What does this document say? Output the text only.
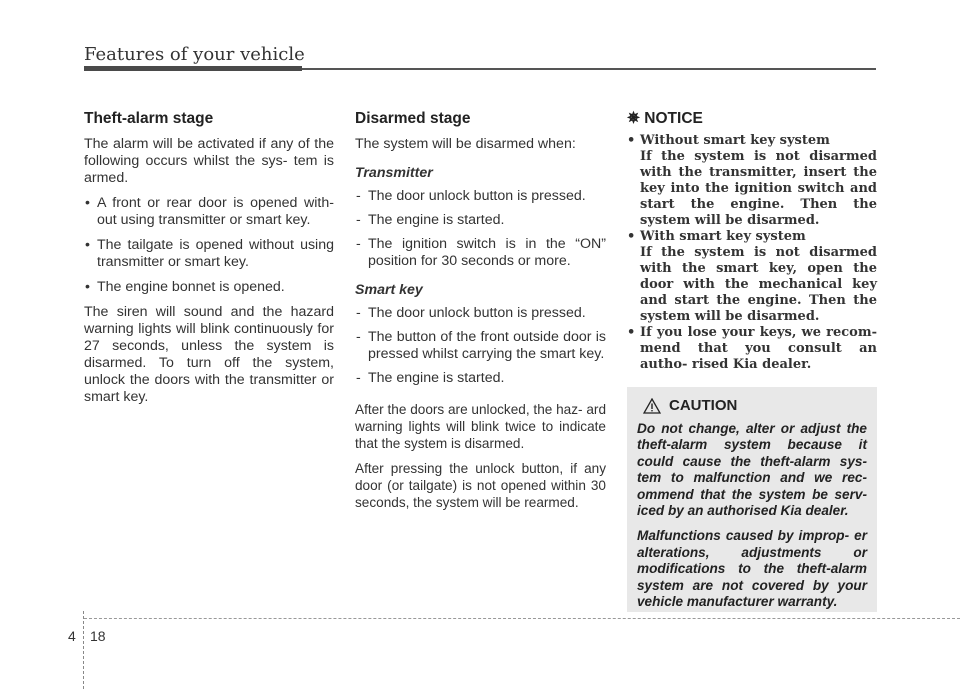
Features of your vehicle
Theft-alarm stage

The alarm will be activated if any of the following occurs whilst the sys- tem is armed.

• A front or rear door is opened with- out using transmitter or smart key.
• The tailgate is opened without using transmitter or smart key.
• The engine bonnet is opened.

The siren will sound and the hazard warning lights will blink continuously for 27 seconds, unless the system is disarmed. To turn off the system, unlock the doors with the transmitter or smart key.

Disarmed stage

The system will be disarmed when:

Transmitter
- The door unlock button is pressed.
- The engine is started.
- The ignition switch is in the “ON” position for 30 seconds or more.
Smart key
- The door unlock button is pressed.
- The button of the front outside door is pressed whilst carrying the smart key.
- The engine is started.

After the doors are unlocked, the haz- ard warning lights will blink twice to indicate that the system is disarmed.

After pressing the unlock button, if any door (or tailgate) is not opened within 30 seconds, the system will be rearmed.

✵ NOTICE
• Without smart key system
If the system is not disarmed with the transmitter, insert the key into the ignition switch and start the engine. Then the system will be disarmed.
• With smart key system
If the system is not disarmed with the smart key, open the door with the mechanical key and start the engine. Then the system will be disarmed.
• If you lose your keys, we recom- mend that you consult an autho- rised Kia dealer.
CAUTION

Do not change, alter or adjust the theft-alarm system because it could cause the theft-alarm sys- tem to malfunction and we rec- ommend that the system be serv- iced by an authorised Kia dealer.

Malfunctions caused by improp- er alterations, adjustments or modifications to the theft-alarm system are not covered by your vehicle manufacturer warranty.

4 18
